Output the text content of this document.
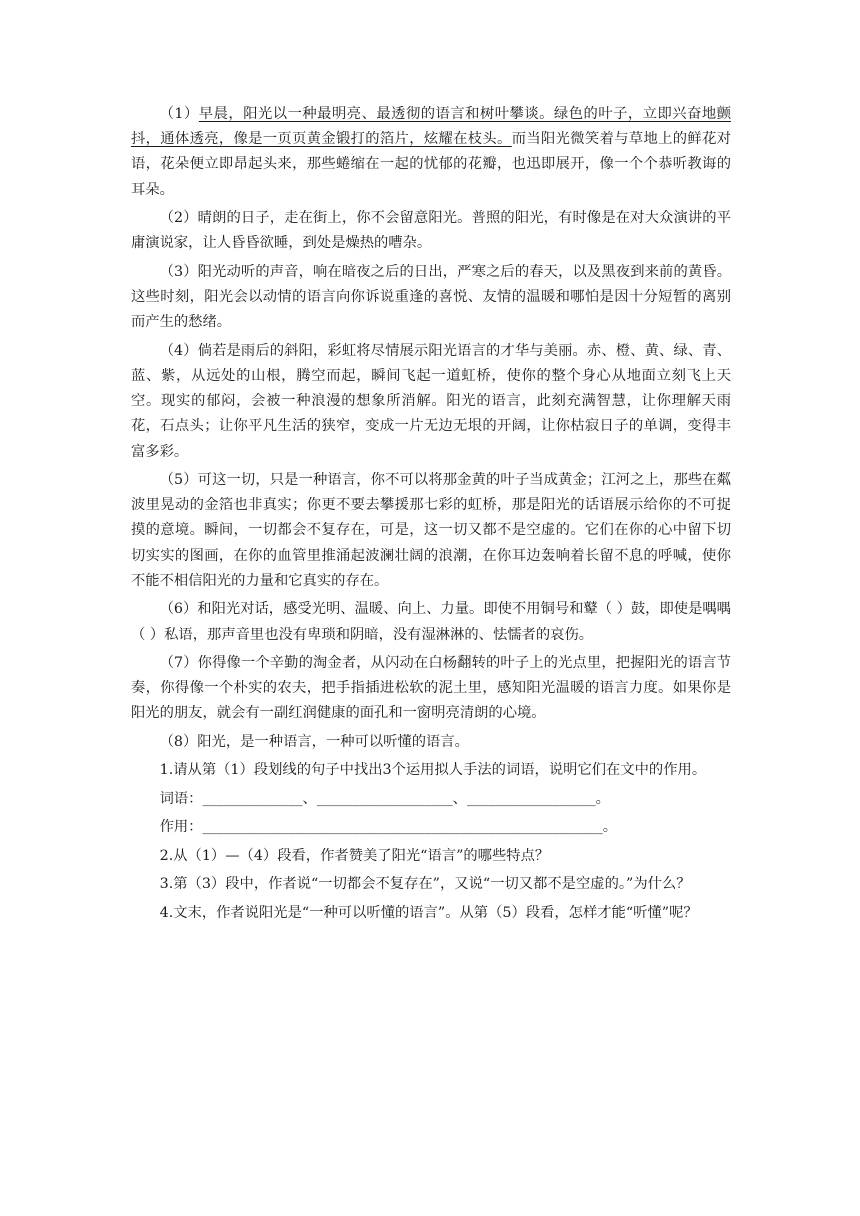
（1）早晨，阳光以一种最明亮、最透彻的语言和树叶攀谈。绿色的叶子，立即兴奋地颤抖，通体透亮，像是一页页黄金锻打的箔片，炫耀在枝头。而当阳光微笑着与草地上的鲜花对语，花朵便立即昂起头来，那些蜷缩在一起的忧郁的花瓣，也迅即展开，像一个个恭听教诲的耳朵。

（2）晴朗的日子，走在街上，你不会留意阳光。普照的阳光，有时像是在对大众演讲的平庸演说家，让人昏昏欲睡，到处是燥热的嘈杂。

（3）阳光动听的声音，响在暗夜之后的日出，严寒之后的春天，以及黑夜到来前的黄昏。这些时刻，阳光会以动情的语言向你诉说重逢的喜悦、友情的温暖和哪怕是因十分短暂的离别而产生的愁绪。

（4）倘若是雨后的斜阳，彩虹将尽情展示阳光语言的才华与美丽。赤、橙、黄、绿、青、蓝、紫，从远处的山根，腾空而起，瞬间飞起一道虹桥，使你的整个身心从地面立刻飞上天空。现实的郁闷，会被一种浪漫的想象所消解。阳光的语言，此刻充满智慧，让你理解天雨花，石点头；让你平凡生活的狭窄，变成一片无边无垠的开阔，让你枯寂日子的单调，变得丰富多彩。

（5）可这一切，只是一种语言，你不可以将那金黄的叶子当成黄金；江河之上，那些在粼波里晃动的金箔也非真实；你更不要去攀援那七彩的虹桥，那是阳光的话语展示给你的不可捉摸的意境。瞬间，一切都会不复存在，可是，这一切又都不是空虚的。它们在你的心中留下切切实实的图画，在你的血管里推涌起波澜壮阔的浪潮，在你耳边轰响着长留不息的呼喊，使你不能不相信阳光的力量和它真实的存在。

（6）和阳光对话，感受光明、温暖、向上、力量。即使不用铜号和鼙（ ）鼓，即使是喁喁（ ）私语，那声音里也没有卑琐和阴暗，没有湿淋淋的、怯懦者的哀伤。

（7）你得像一个辛勤的淘金者，从闪动在白杨翻转的叶子上的光点里，把握阳光的语言节奏，你得像一个朴实的农夫，把手指插进松软的泥土里，感知阳光温暖的语言力度。如果你是阳光的朋友，就会有一副红润健康的面孔和一窗明亮清朗的心境。

（8）阳光，是一种语言，一种可以听懂的语言。

1.请从第（1）段划线的句子中找出3个运用拟人手法的词语，说明它们在文中的作用。

词语：______________、___________________、__________________。

作用：________________________________________________________。

2.从（1）—（4）段看，作者赞美了阳光“语言”的哪些特点？

3.第（3）段中，作者说“一切都会不复存在”，又说“一切又都不是空虚的。”为什么？

4.文末，作者说阳光是“一种可以听懂的语言”。从第（5）段看，怎样才能“听懂”呢？
